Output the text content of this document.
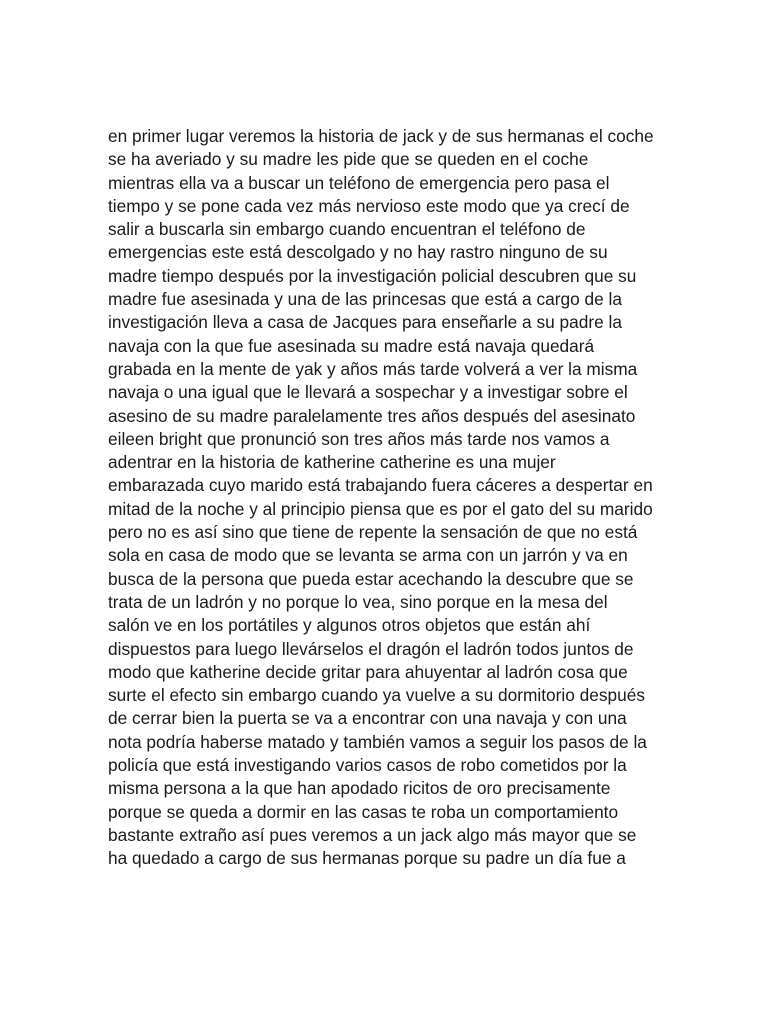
en primer lugar veremos la historia de jack y de sus hermanas el coche
se ha averiado y su madre les pide que se queden en el coche
mientras ella va a buscar un teléfono de emergencia pero pasa el
tiempo y se pone cada vez más nervioso este modo que ya crecí de
salir a buscarla sin embargo cuando encuentran el teléfono de
emergencias este está descolgado y no hay rastro ninguno de su
madre tiempo después por la investigación policial descubren que su
madre fue asesinada y una de las princesas que está a cargo de la
investigación lleva a casa de Jacques para enseñarle a su padre la
navaja con la que fue asesinada su madre está navaja quedará
grabada en la mente de yak y años más tarde volverá a ver la misma
navaja o una igual que le llevará a sospechar y a investigar sobre el
asesino de su madre paralelamente tres años después del asesinato
eileen bright que pronunció son tres años más tarde nos vamos a
adentrar en la historia de katherine catherine es una mujer
embarazada cuyo marido está trabajando fuera cáceres a despertar en
mitad de la noche y al principio piensa que es por el gato del su marido
pero no es así sino que tiene de repente la sensación de que no está
sola en casa de modo que se levanta se arma con un jarrón y va en
busca de la persona que pueda estar acechando la descubre que se
trata de un ladrón y no porque lo vea, sino porque en la mesa del
salón ve en los portátiles y algunos otros objetos que están ahí
dispuestos para luego llevárselos el dragón el ladrón todos juntos de
modo que katherine decide gritar para ahuyentar al ladrón cosa que
surte el efecto sin embargo cuando ya vuelve a su dormitorio después
de cerrar bien la puerta se va a encontrar con una navaja y con una
nota podría haberse matado y también vamos a seguir los pasos de la
policía que está investigando varios casos de robo cometidos por la
misma persona a la que han apodado ricitos de oro precisamente
porque se queda a dormir en las casas te roba un comportamiento
bastante extraño así pues veremos a un jack algo más mayor que se
ha quedado a cargo de sus hermanas porque su padre un día fue a
